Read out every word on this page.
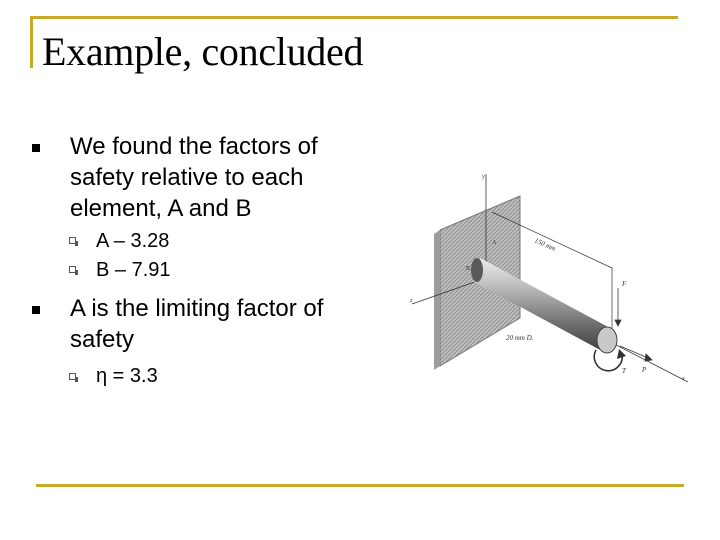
Example, concluded
We found the factors of safety relative to each element, A and B
A – 3.28
B – 7.91
A is the limiting factor of safety
η = 3.3
150 mm
F
T P
A
B
y
z
x
20 mm D.
